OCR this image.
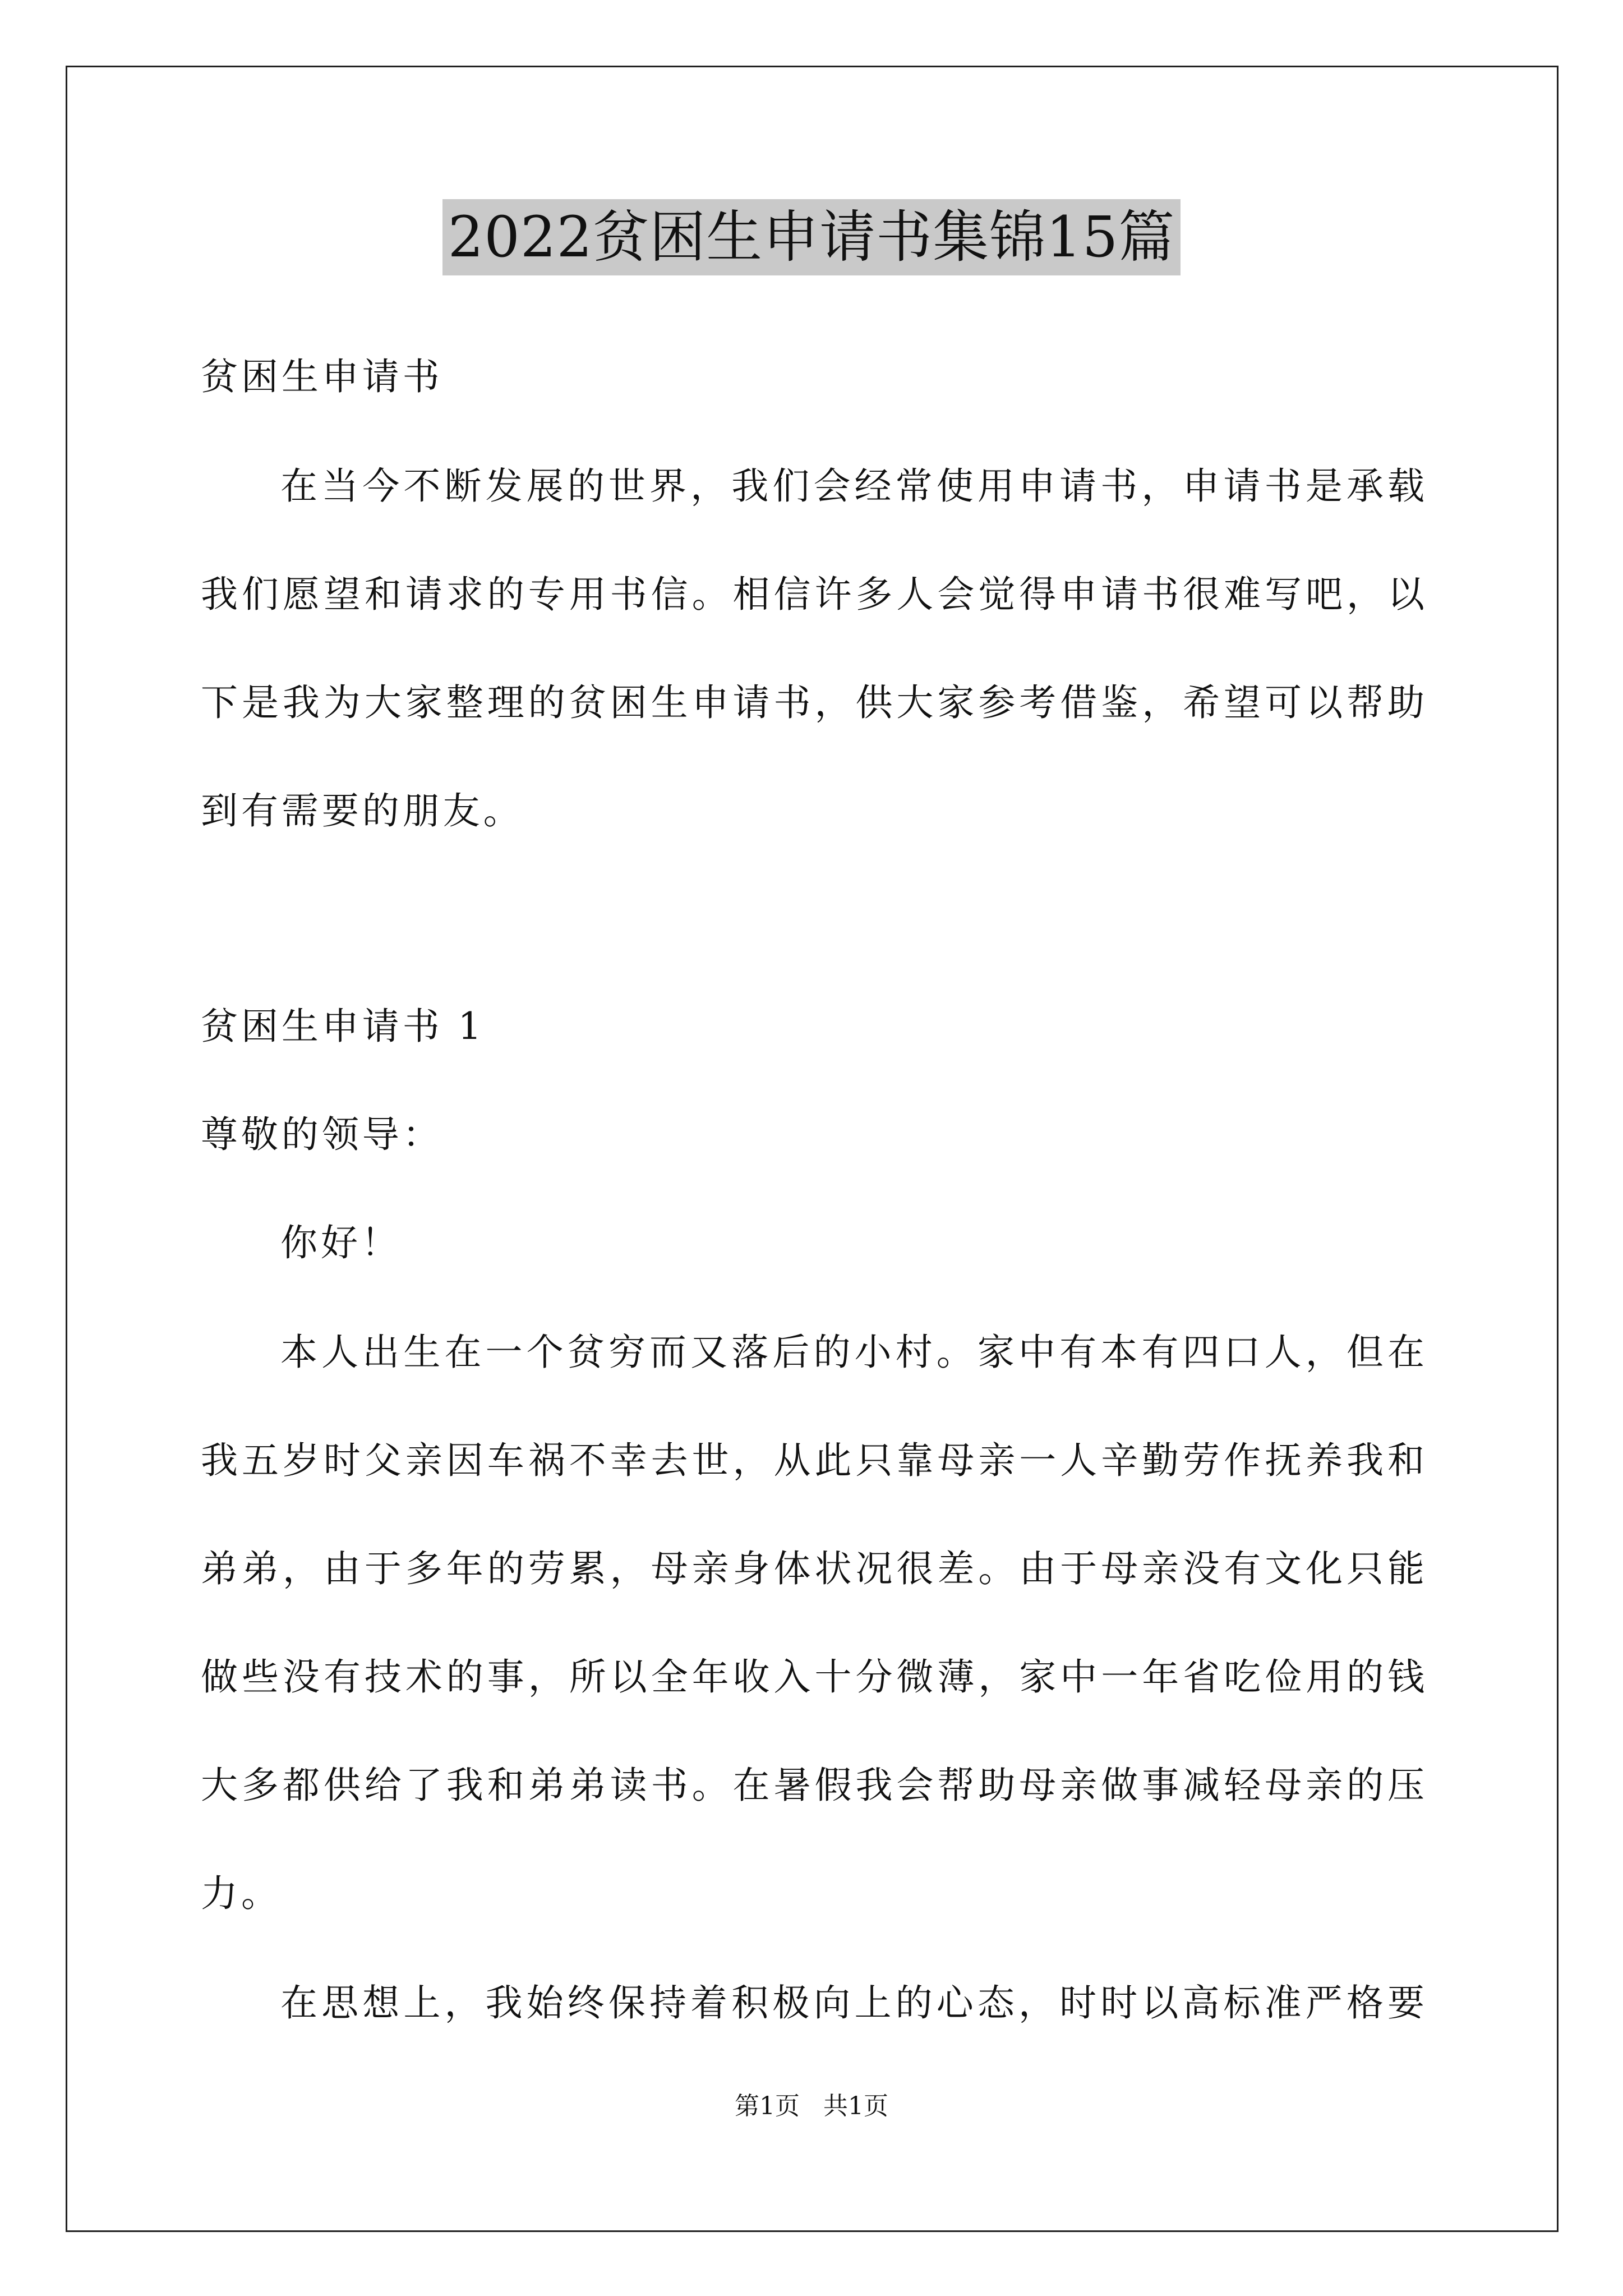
2022贫困生申请书集锦15篇
贫困生申请书
在当今不断发展的世界，我们会经常使用申请书，申请书是承载
我们愿望和请求的专用书信。相信许多人会觉得申请书很难写吧，以
下是我为大家整理的贫困生申请书，供大家参考借鉴，希望可以帮助
到有需要的朋友。
贫困生申请书 1
尊敬的领导：
你好！
本人出生在一个贫穷而又落后的小村。家中有本有四口人，但在
我五岁时父亲因车祸不幸去世，从此只靠母亲一人辛勤劳作抚养我和
弟弟，由于多年的劳累，母亲身体状况很差。由于母亲没有文化只能
做些没有技术的事，所以全年收入十分微薄，家中一年省吃俭用的钱
大多都供给了我和弟弟读书。在暑假我会帮助母亲做事减轻母亲的压
力。
在思想上，我始终保持着积极向上的心态，时时以高标准严格要
第1页   共1页
